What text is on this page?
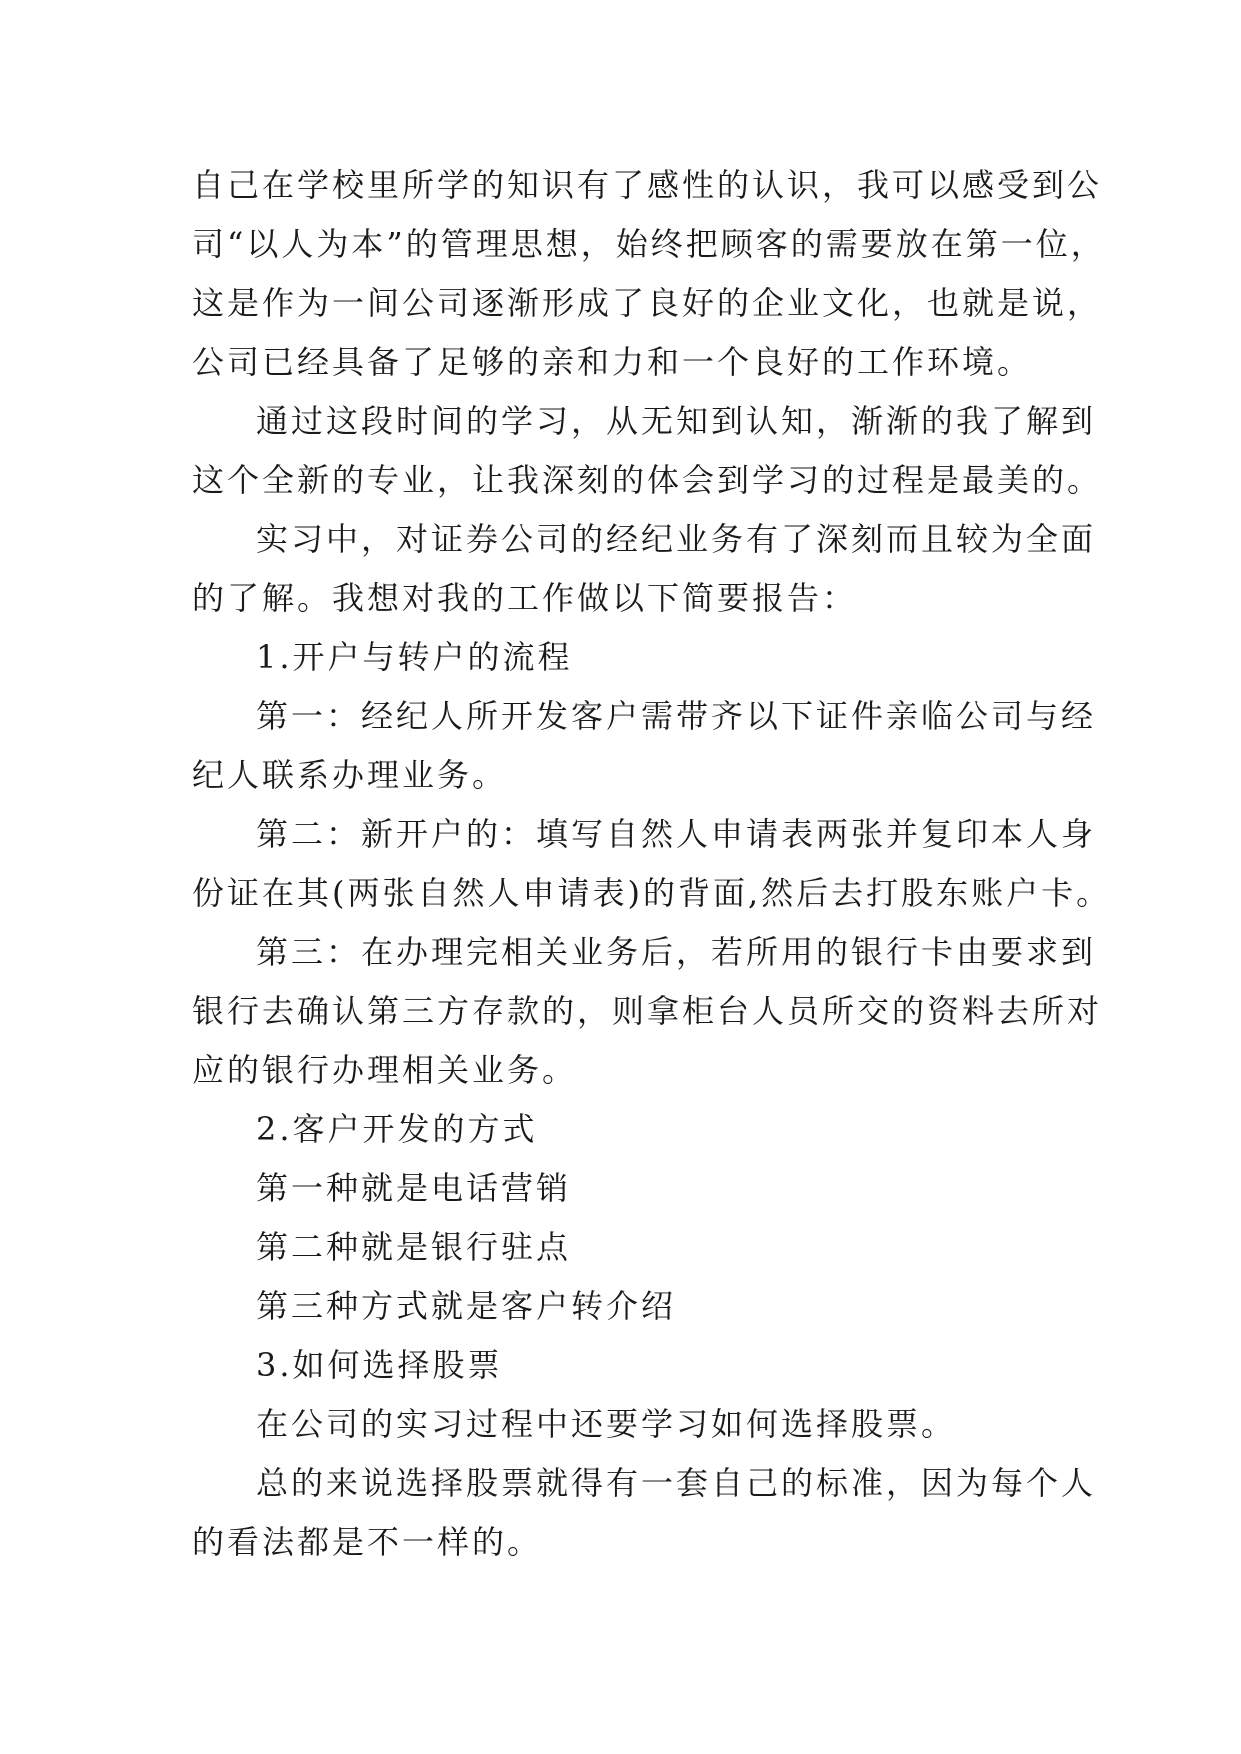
自己在学校里所学的知识有了感性的认识，我可以感受到公
司“以人为本”的管理思想，始终把顾客的需要放在第一位，
这是作为一间公司逐渐形成了良好的企业文化，也就是说，
公司已经具备了足够的亲和力和一个良好的工作环境。
通过这段时间的学习，从无知到认知，渐渐的我了解到
这个全新的专业，让我深刻的体会到学习的过程是最美的。
实习中，对证券公司的经纪业务有了深刻而且较为全面
的了解。我想对我的工作做以下简要报告：
1.开户与转户的流程
第一：经纪人所开发客户需带齐以下证件亲临公司与经
纪人联系办理业务。
第二：新开户的：填写自然人申请表两张并复印本人身
份证在其(两张自然人申请表)的背面,然后去打股东账户卡。
第三：在办理完相关业务后，若所用的银行卡由要求到
银行去确认第三方存款的，则拿柜台人员所交的资料去所对
应的银行办理相关业务。
2.客户开发的方式
第一种就是电话营销
第二种就是银行驻点
第三种方式就是客户转介绍
3.如何选择股票
在公司的实习过程中还要学习如何选择股票。
总的来说选择股票就得有一套自己的标准，因为每个人
的看法都是不一样的。
